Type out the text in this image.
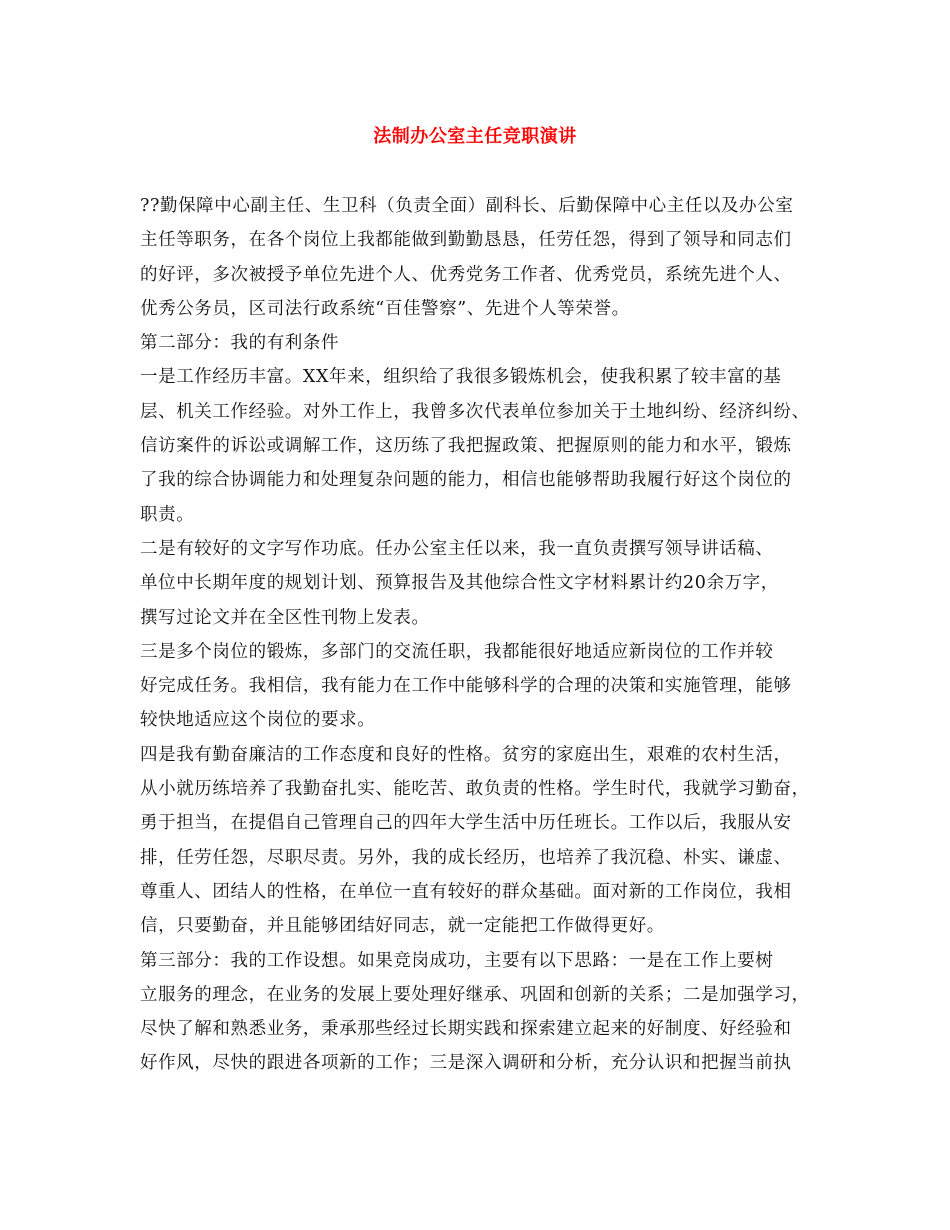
法制办公室主任竞职演讲
??勤保障中心副主任、生卫科（负责全面）副科长、后勤保障中心主任以及办公室
主任等职务，在各个岗位上我都能做到勤勤恳恳，任劳任怨，得到了领导和同志们
的好评，多次被授予单位先进个人、优秀党务工作者、优秀党员，系统先进个人、
优秀公务员，区司法行政系统“百佳警察”、先进个人等荣誉。
第二部分：我的有利条件
一是工作经历丰富。XX年来，组织给了我很多锻炼机会，使我积累了较丰富的基
层、机关工作经验。对外工作上，我曾多次代表单位参加关于土地纠纷、经济纠纷、
信访案件的诉讼或调解工作，这历练了我把握政策、把握原则的能力和水平，锻炼
了我的综合协调能力和处理复杂问题的能力，相信也能够帮助我履行好这个岗位的
职责。
二是有较好的文字写作功底。任办公室主任以来，我一直负责撰写领导讲话稿、
单位中长期年度的规划计划、预算报告及其他综合性文字材料累计约20余万字，
撰写过论文并在全区性刊物上发表。
三是多个岗位的锻炼，多部门的交流任职，我都能很好地适应新岗位的工作并较
好完成任务。我相信，我有能力在工作中能够科学的合理的决策和实施管理，能够
较快地适应这个岗位的要求。
四是我有勤奋廉洁的工作态度和良好的性格。贫穷的家庭出生，艰难的农村生活，
从小就历练培养了我勤奋扎实、能吃苦、敢负责的性格。学生时代，我就学习勤奋，
勇于担当，在提倡自己管理自己的四年大学生活中历任班长。工作以后，我服从安
排，任劳任怨，尽职尽责。另外，我的成长经历，也培养了我沉稳、朴实、谦虚、
尊重人、团结人的性格，在单位一直有较好的群众基础。面对新的工作岗位，我相
信，只要勤奋，并且能够团结好同志，就一定能把工作做得更好。
第三部分：我的工作设想。如果竞岗成功，主要有以下思路：一是在工作上要树
立服务的理念，在业务的发展上要处理好继承、巩固和创新的关系；二是加强学习，
尽快了解和熟悉业务，秉承那些经过长期实践和探索建立起来的好制度、好经验和
好作风，尽快的跟进各项新的工作；三是深入调研和分析，充分认识和把握当前执
